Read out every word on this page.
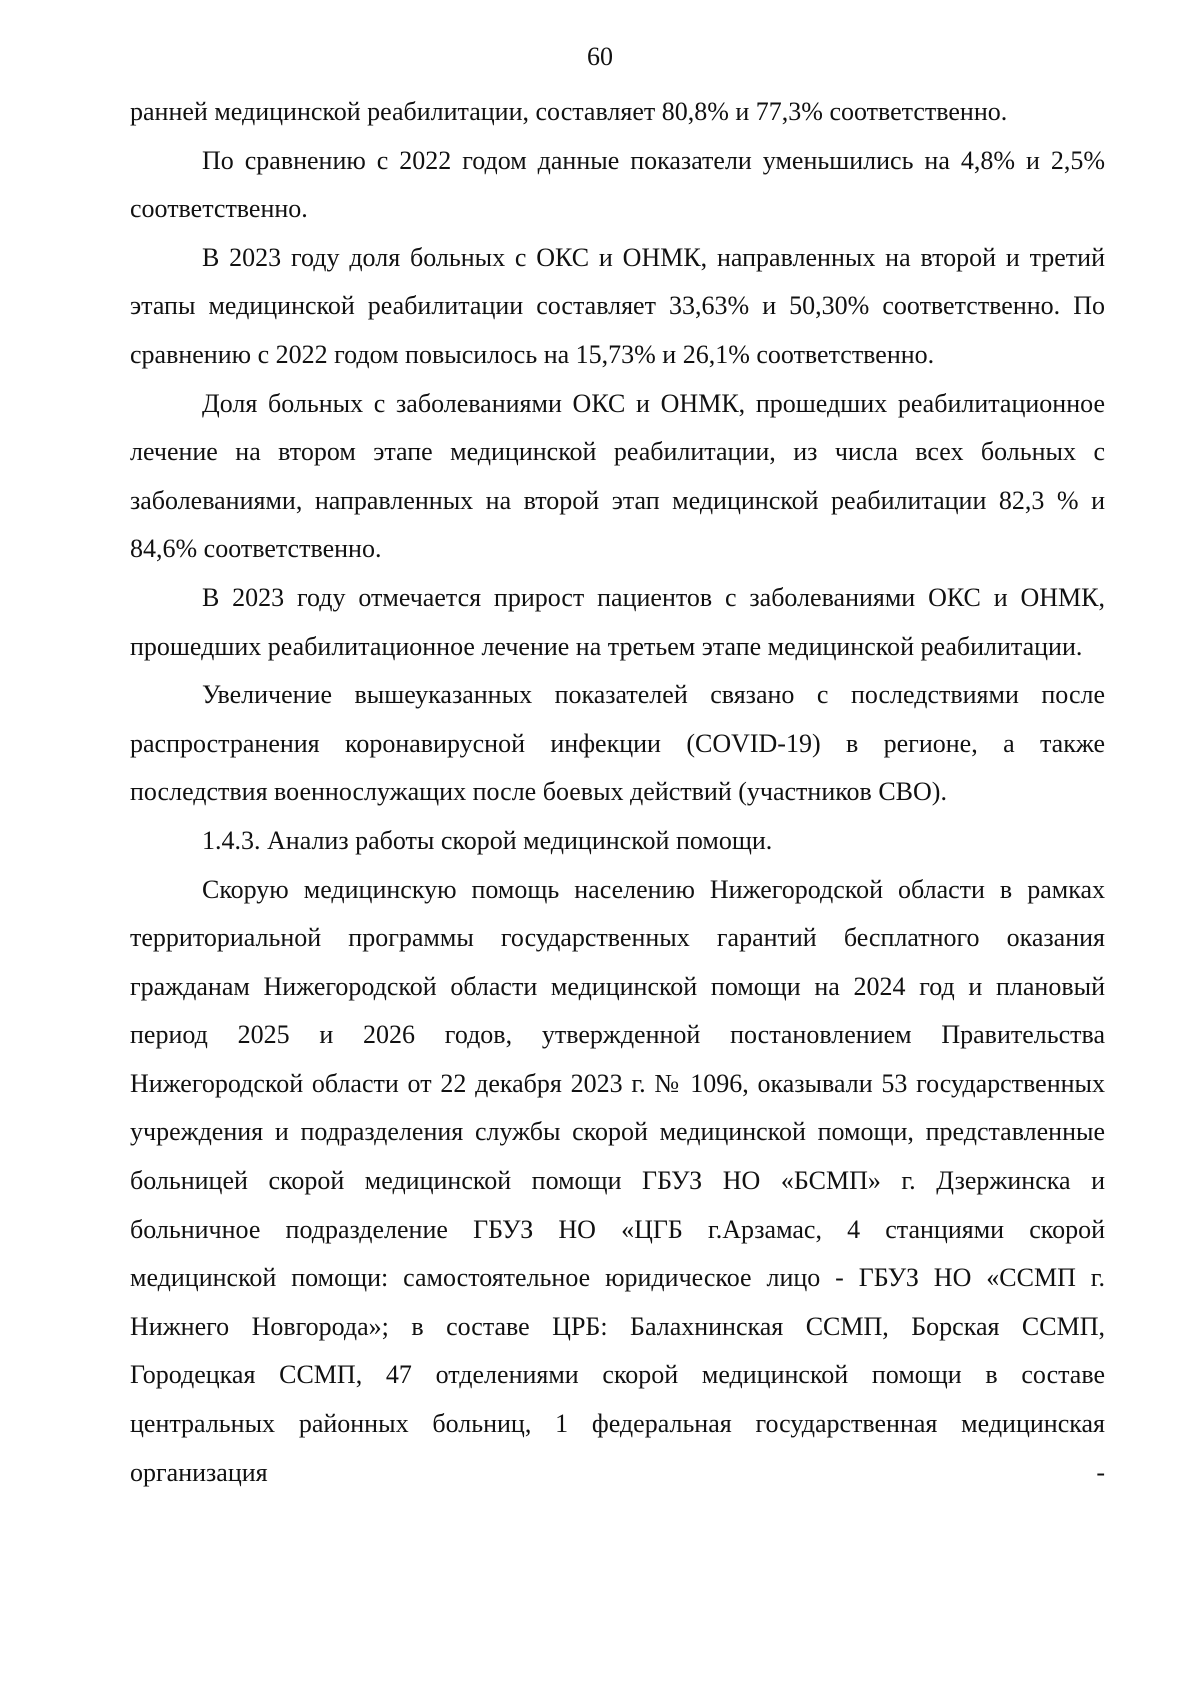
60

ранней медицинской реабилитации, составляет 80,8% и 77,3% соответственно.

По сравнению с 2022 годом данные показатели уменьшились на 4,8% и 2,5% соответственно.

В 2023 году доля больных с ОКС и ОНМК, направленных на второй и третий этапы медицинской реабилитации составляет 33,63% и 50,30% соответственно. По сравнению с 2022 годом повысилось на 15,73% и 26,1% соответственно.

Доля больных с заболеваниями ОКС и ОНМК, прошедших реабилитационное лечение на втором этапе медицинской реабилитации, из числа всех больных с заболеваниями, направленных на второй этап медицинской реабилитации 82,3 % и 84,6% соответственно.

В 2023 году отмечается прирост пациентов с заболеваниями ОКС и ОНМК, прошедших реабилитационное лечение на третьем этапе медицинской реабилитации.

Увеличение вышеуказанных показателей связано с последствиями после распространения коронавирусной инфекции (COVID-19) в регионе, а также последствия военнослужащих после боевых действий (участников СВО).

1.4.3. Анализ работы скорой медицинской помощи.

Скорую медицинскую помощь населению Нижегородской области в рамках территориальной программы государственных гарантий бесплатного оказания гражданам Нижегородской области медицинской помощи на 2024 год и плановый период 2025 и 2026 годов, утвержденной постановлением Правительства Нижегородской области от 22 декабря 2023 г. № 1096, оказывали 53 государственных учреждения и подразделения службы скорой медицинской помощи, представленные больницей скорой медицинской помощи ГБУЗ НО «БСМП» г. Дзержинска и больничное подразделение ГБУЗ НО «ЦГБ г.Арзамас, 4 станциями скорой медицинской помощи: самостоятельное юридическое лицо - ГБУЗ НО «ССМП г. Нижнего Новгорода»; в составе ЦРБ: Балахнинская ССМП, Борская ССМП, Городецкая ССМП, 47 отделениями скорой медицинской помощи в составе центральных районных больниц, 1 федеральная государственная медицинская организация -
